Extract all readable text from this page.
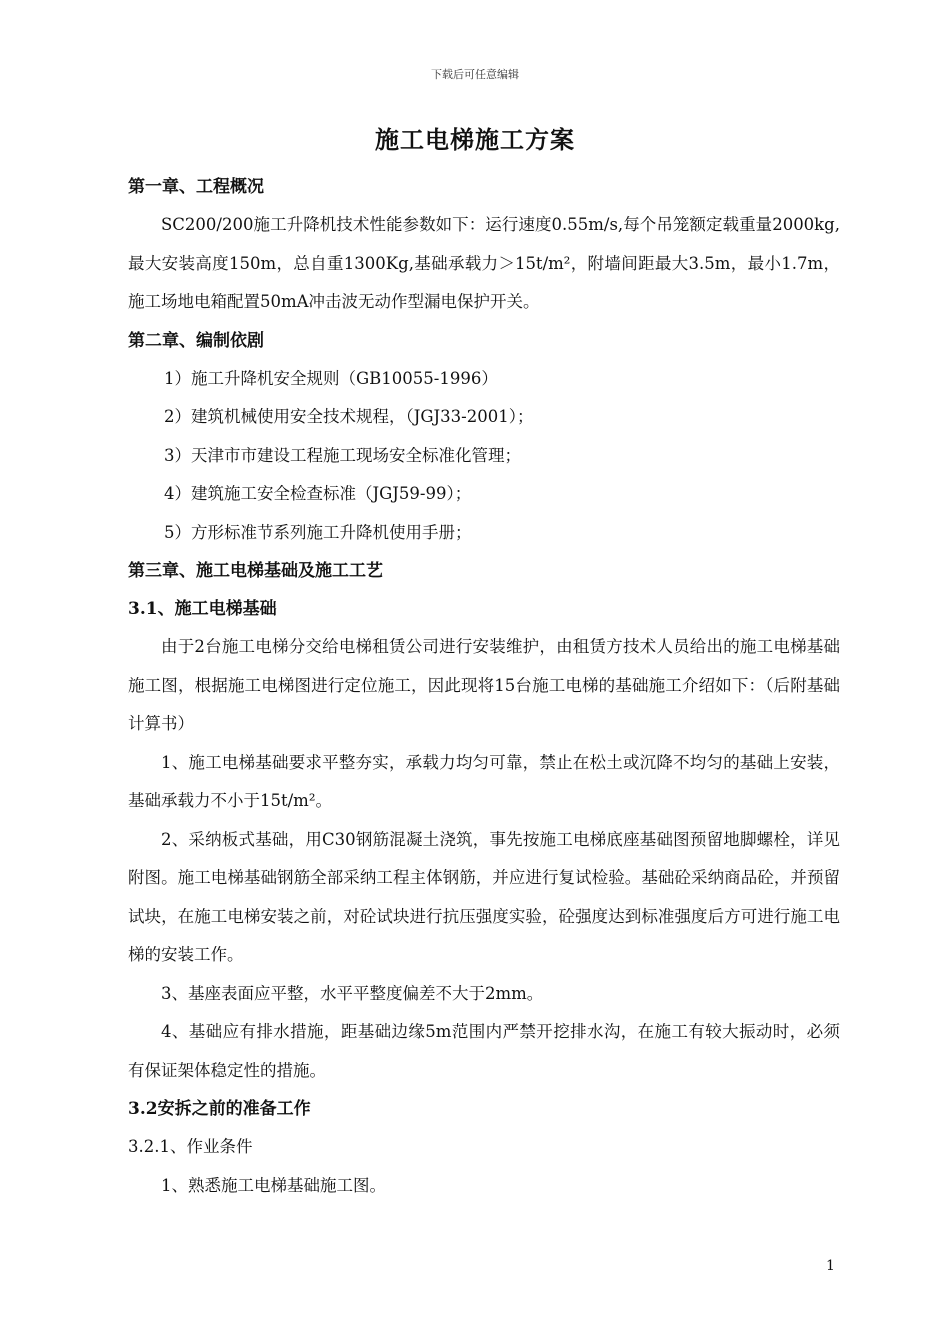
下载后可任意编辑
施工电梯施工方案

第一章、工程概况

SC200/200施工升降机技术性能参数如下：运行速度0.55m/s,每个吊笼额定载重量2000kg,最大安装高度150m，总自重1300Kg,基础承载力＞15t/m²，附墙间距最大3.5m，最小1.7m，施工场地电箱配置50mA冲击波无动作型漏电保护开关。

第二章、编制依剧

1）施工升降机安全规则（GB10055-1996）

2）建筑机械使用安全技术规程，（JGJ33-2001）；

3）天津市市建设工程施工现场安全标准化管理；

4）建筑施工安全检查标准（JGJ59-99）；

5）方形标准节系列施工升降机使用手册；

第三章、施工电梯基础及施工工艺

3.1、施工电梯基础

由于2台施工电梯分交给电梯租赁公司进行安装维护，由租赁方技术人员给出的施工电梯基础施工图，根据施工电梯图进行定位施工，因此现将15台施工电梯的基础施工介绍如下：（后附基础计算书）

1、施工电梯基础要求平整夯实，承载力均匀可靠，禁止在松土或沉降不均匀的基础上安装，基础承载力不小于15t/m²。

2、采纳板式基础，用C30钢筋混凝土浇筑，事先按施工电梯底座基础图预留地脚螺栓，详见附图。施工电梯基础钢筋全部采纳工程主体钢筋，并应进行复试检验。基础砼采纳商品砼，并预留试块，在施工电梯安装之前，对砼试块进行抗压强度实验，砼强度达到标准强度后方可进行施工电梯的安装工作。

3、基座表面应平整，水平平整度偏差不大于2mm。

4、基础应有排水措施，距基础边缘5m范围内严禁开挖排水沟，在施工有较大振动时，必须有保证架体稳定性的措施。

3.2安拆之前的准备工作

3.2.1、作业条件

1、熟悉施工电梯基础施工图。

1
